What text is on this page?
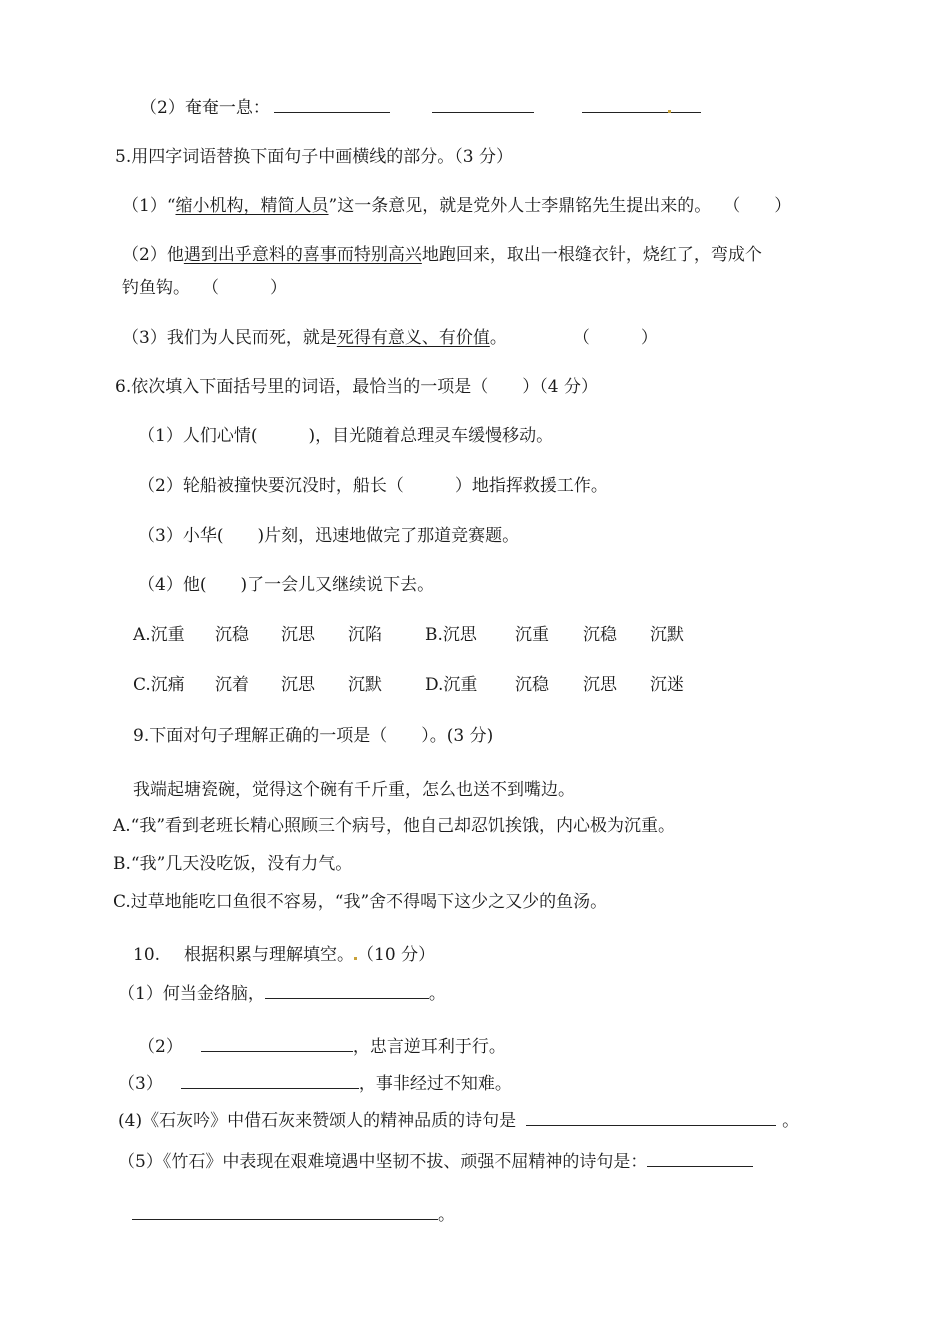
（2）奄奄一息：
5.用四字词语替换下面句子中画横线的部分。（3 分）
（1）“缩小机构，精简人员”这一条意见，就是党外人士李鼎铭先生提出来的。 （　　）
（2）他遇到出乎意料的喜事而特别高兴地跑回来，取出一根缝衣针，烧红了，弯成个
钓鱼钩。 （　　　）
（3）我们为人民而死，就是死得有意义、有价值。	（　　　）
6.依次填入下面括号里的词语，最恰当的一项是（　　）（4 分）
（1）人们心情(　　　)，目光随着总理灵车缓慢移动。
（2）轮船被撞快要沉没时，船长（　　　）地指挥救援工作。
（3）小华(　　)片刻，迅速地做完了那道竞赛题。
（4）他(　　)了一会儿又继续说下去。
A.沉重 沉稳 沉思 沉陷	B.沉思 沉重 沉稳 沉默
C.沉痛 沉着 沉思 沉默	D.沉重 沉稳 沉思 沉迷
9.下面对句子理解正确的一项是（　　）。(3 分)
我端起塘瓷碗，觉得这个碗有千斤重，怎么也送不到嘴边。
A.“我”看到老班长精心照顾三个病号，他自己却忍饥挨饿，内心极为沉重。
B.“我”几天没吃饭，没有力气。
C.过草地能吃口鱼很不容易，“我”舍不得喝下这少之又少的鱼汤。
10. 根据积累与理解填空。 （10 分）
（1）何当金络脑，	。
（2）	，忠言逆耳利于行。
（3）	，事非经过不知难。
(4)《石灰吟》中借石灰来赞颂人的精神品质的诗句是	。
（5）《竹石》中表现在艰难境遇中坚韧不拔、顽强不屈精神的诗句是：
。
